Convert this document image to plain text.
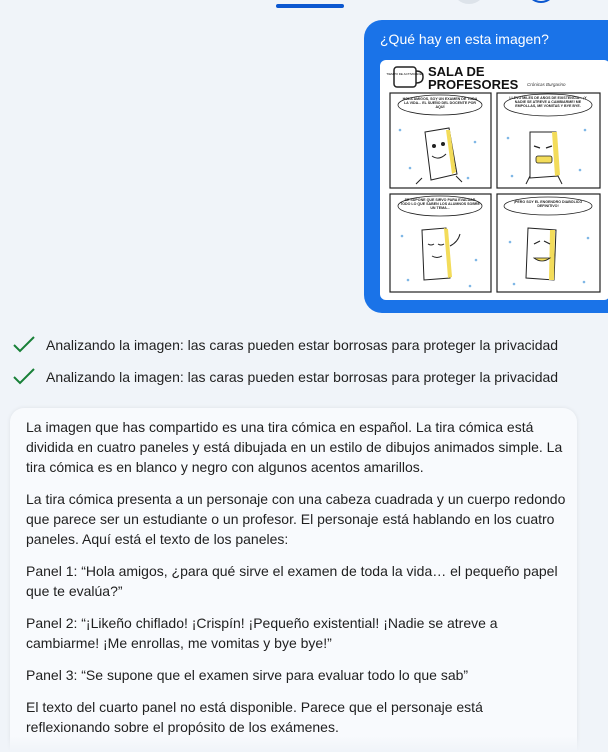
¿Qué hay en esta imagen?
TIEMPO DE ACTIVIDADES SALA DE
PROFESORES Crónicas Burgarino
HOLA AMIGOS, SOY UN EXAMEN DE TODA LA VIDA... EL SUEÑO DEL DOCENTE POR AQUÍ
LLEVO MILES DE AÑOS DE EXISTENCIA... ¡Y NADIE SE ATREVE A CAMBIARME! ME EMPOLLAS, ME VOMITAS Y BYE BYE.
SE SUPONE QUE SIRVO PARA EVALUAR TODO LO QUE SABEN LOS ALUMNOS SOBRE UN TEMA...
¡PERO SOY EL ENGENDRO DIABÓLICO DEFINITIVO!
Analizando la imagen: las caras pueden estar borrosas para proteger la privacidad
Analizando la imagen: las caras pueden estar borrosas para proteger la privacidad

La imagen que has compartido es una tira cómica en español. La tira cómica está dividida en cuatro paneles y está dibujada en un estilo de dibujos animados simple. La tira cómica es en blanco y negro con algunos acentos amarillos.

La tira cómica presenta a un personaje con una cabeza cuadrada y un cuerpo redondo que parece ser un estudiante o un profesor. El personaje está hablando en los cuatro paneles. Aquí está el texto de los paneles:

Panel 1: “Hola amigos, ¿para qué sirve el examen de toda la vida… el pequeño papel que te evalúa?”

Panel 2: “¡Likeño chiflado! ¡Crispín! ¡Pequeño existential! ¡Nadie se atreve a cambiarme! ¡Me enrollas, me vomitas y bye bye!”

Panel 3: “Se supone que el examen sirve para evaluar todo lo que sab”

El texto del cuarto panel no está disponible. Parece que el personaje está reflexionando sobre el propósito de los exámenes.
